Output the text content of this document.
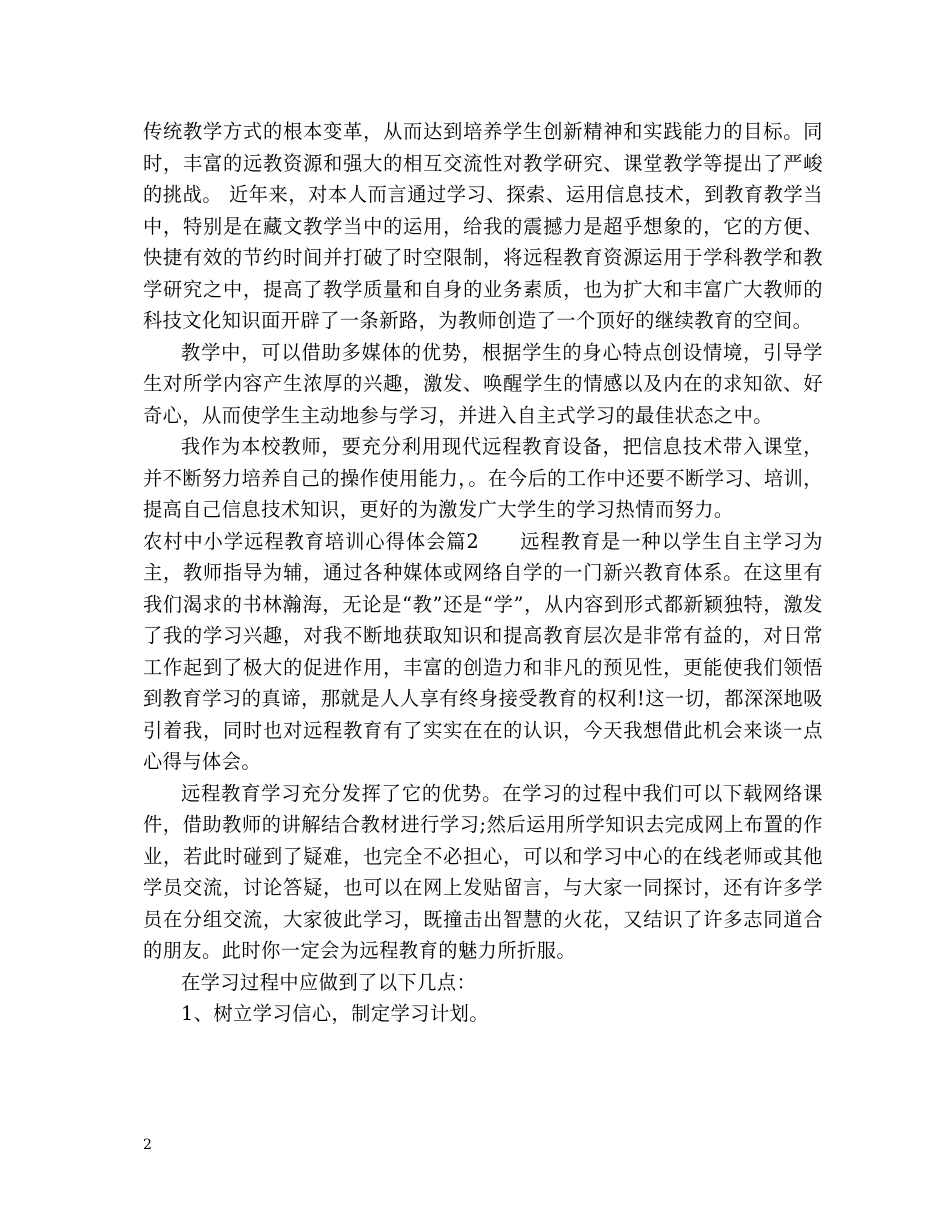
传统教学方式的根本变革，从而达到培养学生创新精神和实践能力的目标。同时，丰富的远教资源和强大的相互交流性对教学研究、课堂教学等提出了严峻的挑战。 近年来，对本人而言通过学习、探索、运用信息技术，到教育教学当中，特别是在藏文教学当中的运用，给我的震撼力是超乎想象的，它的方便、快捷有效的节约时间并打破了时空限制，将远程教育资源运用于学科教学和教学研究之中，提高了教学质量和自身的业务素质，也为扩大和丰富广大教师的科技文化知识面开辟了一条新路，为教师创造了一个顶好的继续教育的空间。

教学中，可以借助多媒体的优势，根据学生的身心特点创设情境，引导学生对所学内容产生浓厚的兴趣，激发、唤醒学生的情感以及内在的求知欲、好奇心，从而使学生主动地参与学习，并进入自主式学习的最佳状态之中。

我作为本校教师，要充分利用现代远程教育设备，把信息技术带入课堂，并不断努力培养自己的操作使用能力，。在今后的工作中还要不断学习、培训，提高自己信息技术知识，更好的为激发广大学生的学习热情而努力。

农村中小学远程教育培训心得体会篇2　　远程教育是一种以学生自主学习为主，教师指导为辅，通过各种媒体或网络自学的一门新兴教育体系。在这里有我们渴求的书林瀚海，无论是“教”还是“学”，从内容到形式都新颖独特，激发了我的学习兴趣，对我不断地获取知识和提高教育层次是非常有益的，对日常工作起到了极大的促进作用，丰富的创造力和非凡的预见性，更能使我们领悟到教育学习的真谛，那就是人人享有终身接受教育的权利!这一切，都深深地吸引着我，同时也对远程教育有了实实在在的认识，今天我想借此机会来谈一点心得与体会。

远程教育学习充分发挥了它的优势。在学习的过程中我们可以下载网络课件，借助教师的讲解结合教材进行学习;然后运用所学知识去完成网上布置的作业，若此时碰到了疑难，也完全不必担心，可以和学习中心的在线老师或其他学员交流，讨论答疑，也可以在网上发贴留言，与大家一同探讨，还有许多学员在分组交流，大家彼此学习，既撞击出智慧的火花，又结识了许多志同道合的朋友。此时你一定会为远程教育的魅力所折服。

在学习过程中应做到了以下几点：

1、树立学习信心，制定学习计划。

2
